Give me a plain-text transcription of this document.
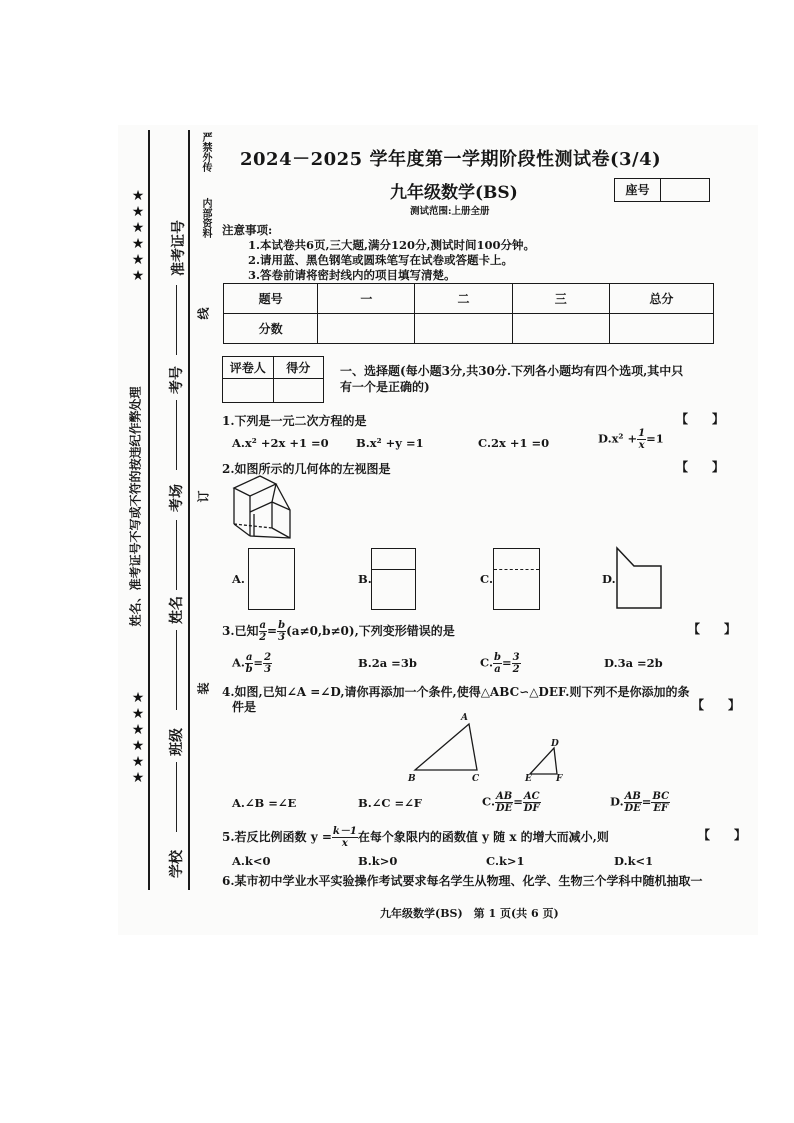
★★★★★★
★★★★★★
姓名、准考证号不写或不符的按违纪作弊处理
准考证号
考号
考场
姓名
班级
学校
线
订
装
严禁外传
内部资料
2024－2025 学年度第一学期阶段性测试卷(3/4)
九年级数学(BS)
测试范围:上册全册
座号
注意事项:
1.本试卷共6页,三大题,满分120分,测试时间100分钟。
2.请用蓝、黑色钢笔或圆珠笔写在试卷或答题卡上。
3.答卷前请将密封线内的项目填写清楚。
题号	一	二	三	总分
分数				
评卷人	得分
	一、选择题(每小题3分,共30分.下列各小题均有四个选项,其中只
有一个是正确的)
1.下列是一元二次方程的是	【　　】
A.x² +2x +1 =0 B.x² +y =1	C.2x +1 =0	$D.x^2 + \frac{1}{x} =1$
2.如图所示的几何体的左视图是	【　　】
A.	B.	C.	D.
3.已知 $\frac{a}{2} = \frac{b}{3} (a\ne 0,b\ne 0)$,下列变形错误的是	【　　】
A. $\frac{a}{b} = \frac{2}{3}$	B.2a =3b	C. $\frac{b}{a} = \frac{3}{2}$	D.3a =2b
4.如图,已知∠A =∠D,请你再添加一个条件,使得△ABC∽△DEF.则下列不是你添加的条
件是	【　　】
A
B	C
D
E	F
A.∠B =∠E	B.∠C =∠F	C. $\frac{AB}{DE} = \frac{AC}{DF}$	D. $\frac{AB}{DE} = \frac{BC}{EF}$
5.若反比例函数 $y = \frac{k-1}{x}$ 在每个象限内的函数值 y 随 x 的增大而减小,则	【　　】
A.k<0	B.k>0	C.k>1	D.k<1
6.某市初中学业水平实验操作考试要求每名学生从物理、化学、生物三个学科中随机抽取一
九年级数学(BS)　第 1 页(共 6 页)
